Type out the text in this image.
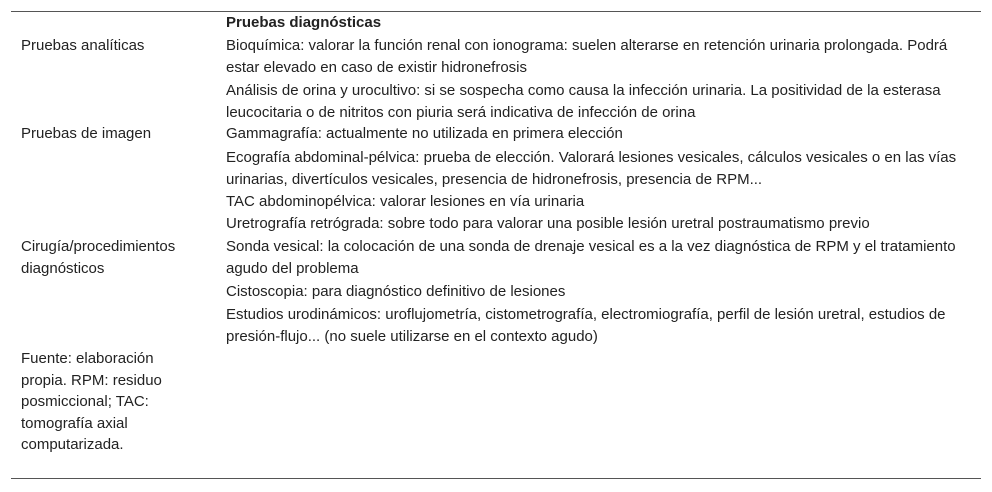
Pruebas diagnósticas
Pruebas analíticas	Bioquímica: valorar la función renal con ionograma: suelen alterarse en retención urinaria prolongada. Podrá estar elevado en caso de existir hidronefrosis
Análisis de orina y urocultivo: si se sospecha como causa la infección urinaria. La positividad de la esterasa leucocitaria o de nitritos con piuria será indicativa de infección de orina
Pruebas de imagen	Gammagrafía: actualmente no utilizada en primera elección
Ecografía abdominal-pélvica: prueba de elección. Valorará lesiones vesicales, cálculos vesicales o en las vías urinarias, divertículos vesicales, presencia de hidronefrosis, presencia de RPM...
TAC abdominopélvica: valorar lesiones en vía urinaria
Uretrografía retrógrada: sobre todo para valorar una posible lesión uretral postraumatismo previo
Cirugía/procedimientos diagnósticos
Sonda vesical: la colocación de una sonda de drenaje vesical es a la vez diagnóstica de RPM y el tratamiento agudo del problema
Cistoscopia: para diagnóstico definitivo de lesiones
Estudios urodinámicos: uroflujometría, cistometrografía, electromiografía, perfil de lesión uretral, estudios de presión-flujo... (no suele utilizarse en el contexto agudo)
Fuente: elaboración propia. RPM: residuo posmiccional; TAC: tomografía axial computarizada.
